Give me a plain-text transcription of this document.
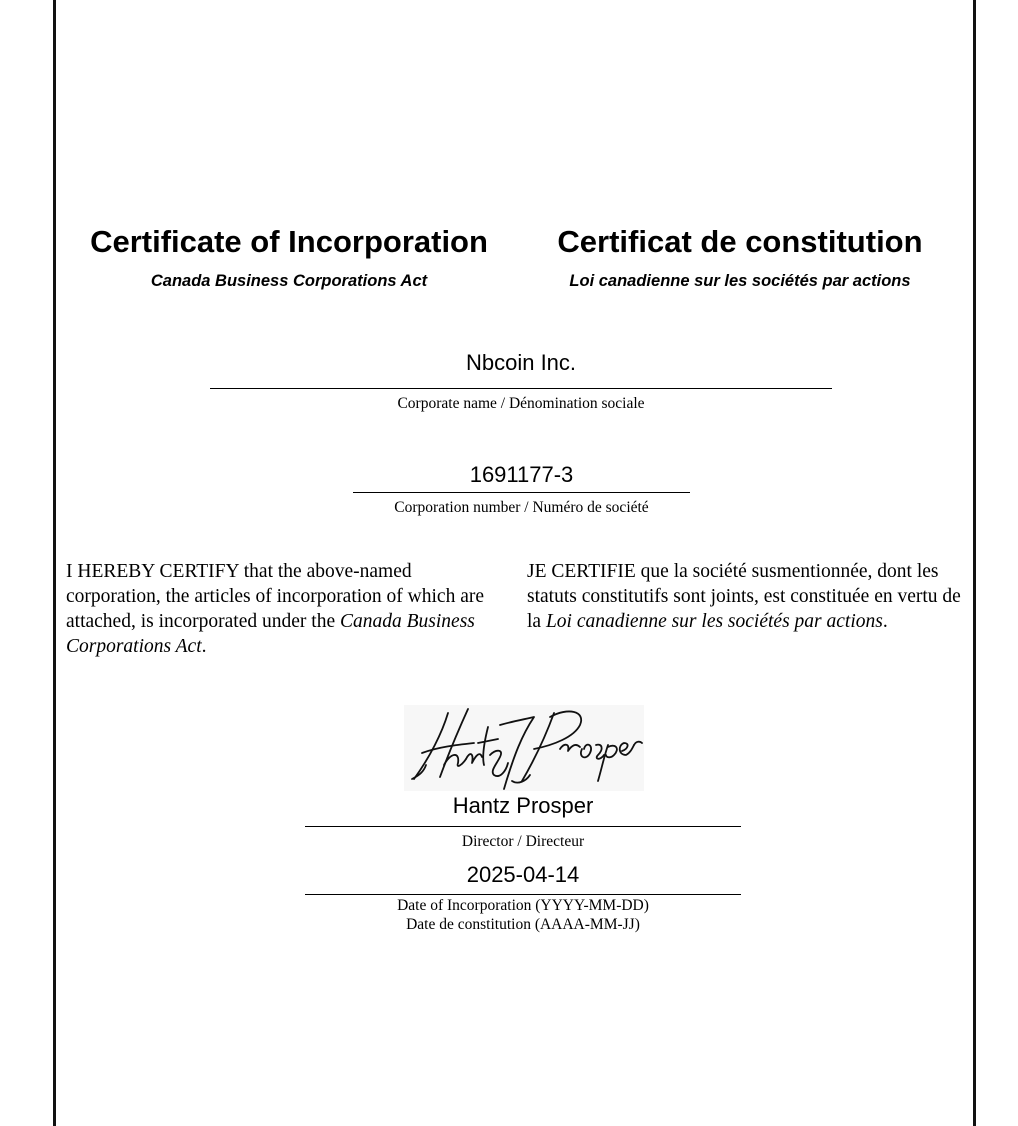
Certificate of Incorporation Certificat de constitution
Canada Business Corporations Act	Loi canadienne sur les sociétés par actions
Nbcoin Inc.
Corporate name / Dénomination sociale
1691177-3
Corporation number / Numéro de société
I HEREBY CERTIFY that the above-named corporation, the articles of incorporation of which are attached, is incorporated under the Canada Business Corporations Act.
JE CERTIFIE que la société susmentionnée, dont les statuts constitutifs sont joints, est constituée en vertu de la Loi canadienne sur les sociétés par actions.
Hantz Prosper
Director / Directeur
2025-04-14
Date of Incorporation (YYYY-MM-DD)
Date de constitution (AAAA-MM-JJ)
